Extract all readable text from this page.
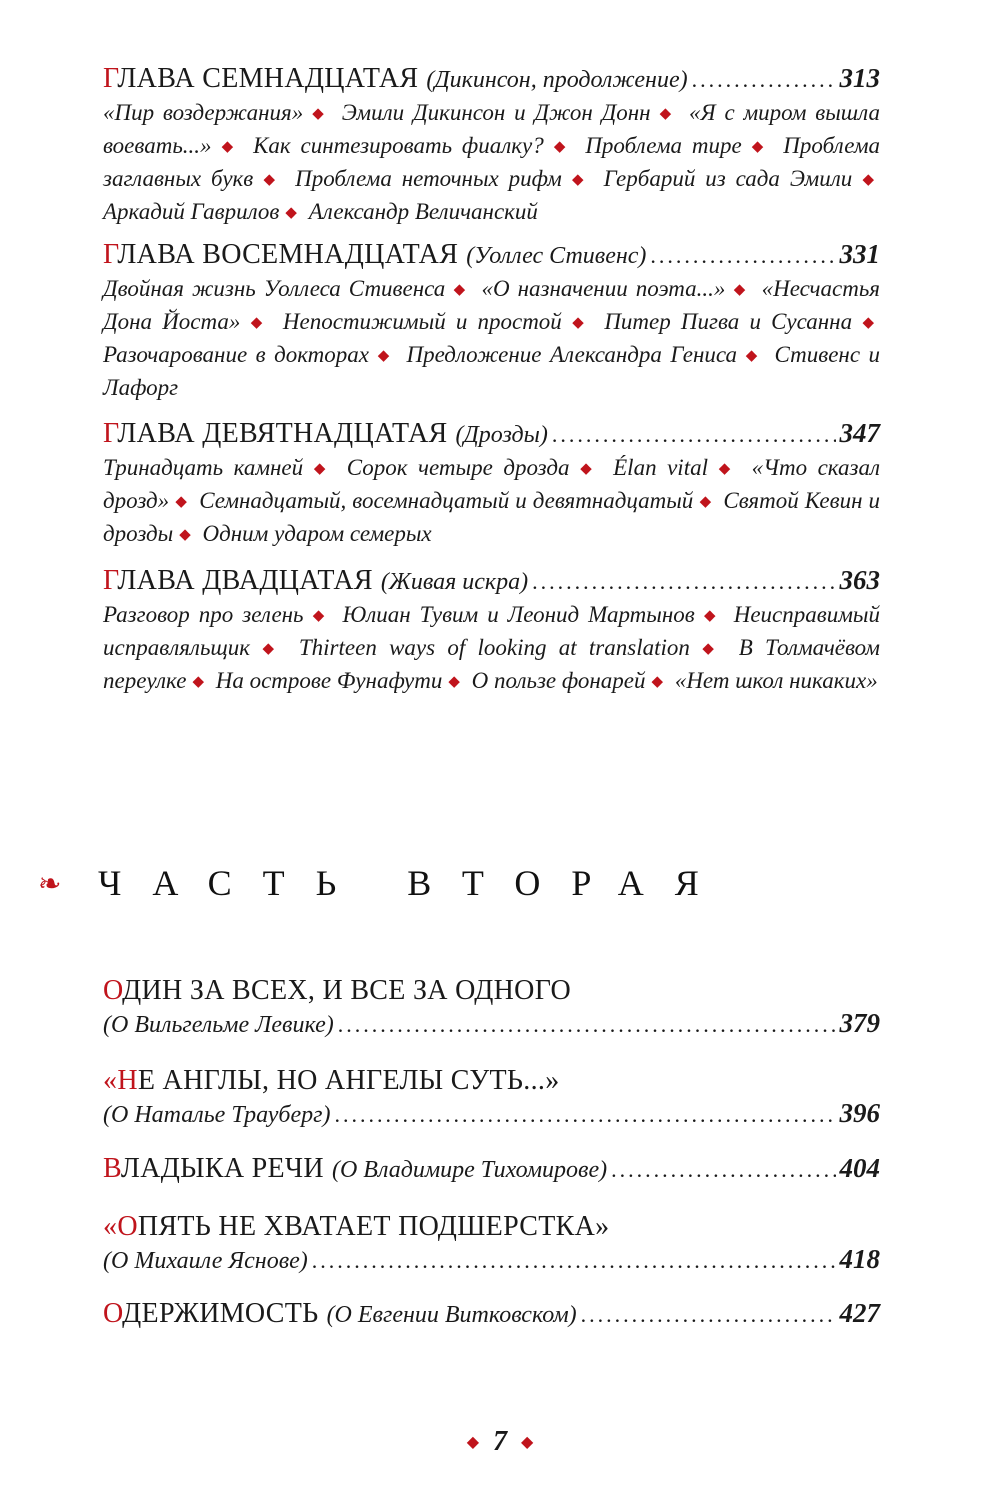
ГЛАВА СЕМНАДЦАТАЯ (Дикинсон, продолжение) .....	313
«Пир воздержания» ◆ Эмили Дикинсон и Джон Донн ◆ «Я с миром вышла воевать...» ◆ Как синтезировать фиалку? ◆ Проблема тире ◆ Проблема заглавных букв ◆ Проблема неточных рифм ◆ Гербарий из сада Эмили ◆ Аркадий Гаврилов ◆ Александр Величанский
ГЛАВА ВОСЕМНАДЦАТАЯ (Уоллес Стивенс) .....	331
Двойная жизнь Уоллеса Стивенса ◆ «О назначении поэта...» ◆ «Несчастья Дона Йоста» ◆ Непостижимый и простой ◆ Питер Пигва и Сусанна ◆ Разочарование в докторах ◆ Предложение Александра Гениса ◆ Стивенс и Лафорг
ГЛАВА ДЕВЯТНАДЦАТАЯ (Дрозды) .....	347
Тринадцать камней ◆ Сорок четыре дрозда ◆ Élan vital ◆ «Что сказал дрозд» ◆ Семнадцатый, восемнадцатый и девятнадцатый ◆ Святой Кевин и дрозды ◆ Одним ударом семерых
ГЛАВА ДВАДЦАТАЯ (Живая искра) .....	363
Разговор про зелень ◆ Юлиан Тувим и Леонид Мартынов ◆ Неисправимый исправляльщик ◆ Thirteen ways of looking at translation ◆ В Толмачёвом переулке ◆ На острове Фунафути ◆ О пользе фонарей ◆ «Нет школ никаких»
❧	ЧАСТЬ ВТОРАЯ
ОДИН ЗА ВСЕХ, И ВСЕ ЗА ОДНОГО
(О Вильгельме Левике) .....	379
«НЕ АНГЛЫ, НО АНГЕЛЫ СУТЬ...»
(О Наталье Трауберг) .....	396
ВЛАДЫКА РЕЧИ (О Владимире Тихомирове) .....	404
«ОПЯТЬ НЕ ХВАТАЕТ ПОДШЕРСТКА»
(О Михаиле Яснове) .....	418
ОДЕРЖИМОСТЬ (О Евгении Витковском) .....	427
◆ 7 ◆
